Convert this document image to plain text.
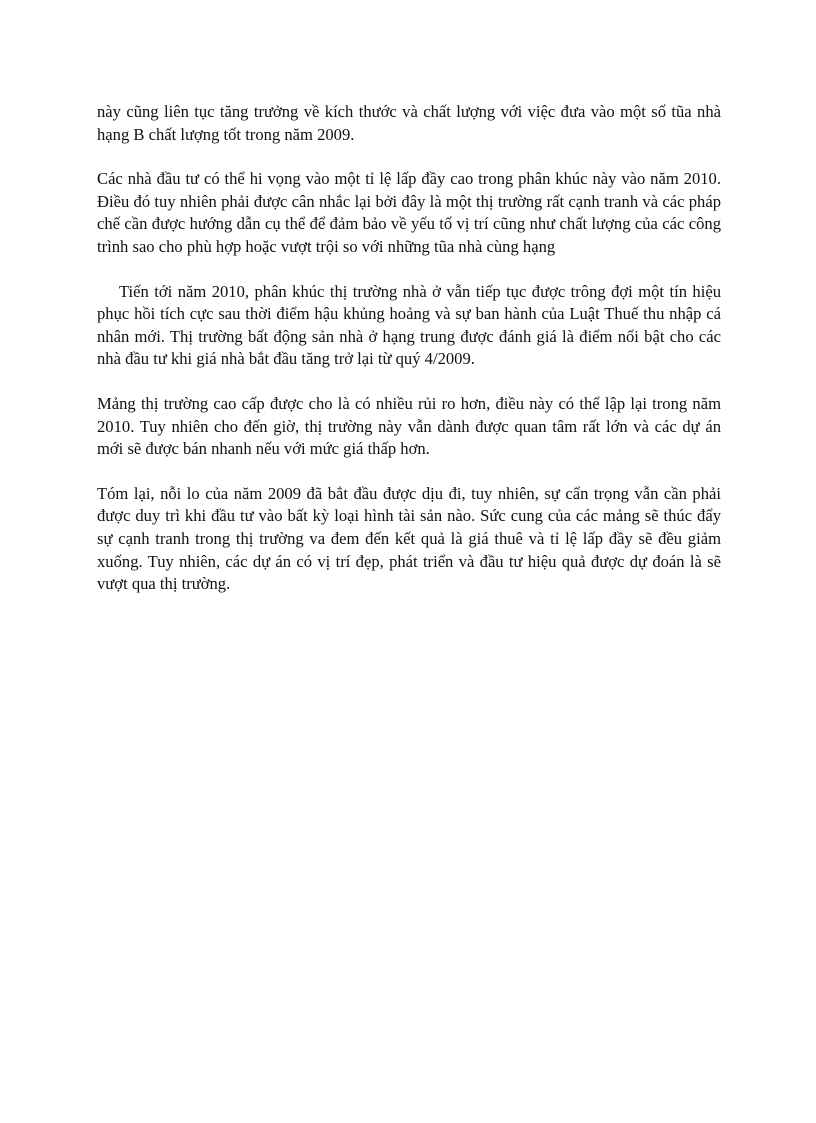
này cũng liên tục tăng trưởng về kích thước và chất lượng với việc đưa vào một số tũa nhà hạng B chất lượng tốt trong năm 2009.

Các nhà đầu tư có thể hi vọng vào một tỉ lệ lấp đầy cao trong phân khúc này vào năm 2010. Điều đó tuy nhiên phải được cân nhắc lại bởi đây là một thị trường rất cạnh tranh và các pháp chế cần được hướng dẫn cụ thể để đảm bảo về yếu tố vị trí cũng như chất lượng của các công trình sao cho phù hợp hoặc vượt trội so với những tũa nhà cùng hạng

Tiến tới năm 2010, phân khúc thị trường nhà ở vẫn tiếp tục được trông đợi một tín hiệu phục hồi tích cực sau thời điểm hậu khủng hoảng và sự ban hành của Luật Thuế thu nhập cá nhân mới. Thị trường bất động sản nhà ở hạng trung được đánh giá là điểm nổi bật cho các nhà đầu tư khi giá nhà bắt đầu tăng trở lại từ quý 4/2009.

Mảng thị trường cao cấp được cho là có nhiều rủi ro hơn, điều này có thể lập lại trong năm 2010. Tuy nhiên cho đến giờ, thị trường này vẫn dành được quan tâm rất lớn và các dự án mới sẽ được bán nhanh nếu với mức giá thấp hơn.

Tóm lại, nỗi lo của năm 2009 đã bắt đầu được dịu đi, tuy nhiên, sự cẩn trọng vẫn cần phải được duy trì khi đầu tư vào bất kỳ loại hình tài sản nào. Sức cung của các mảng sẽ thúc đẩy sự cạnh tranh trong thị trường va đem đến kết quả là giá thuê và tỉ lệ lấp đầy sẽ đều giảm xuống. Tuy nhiên, các dự án có vị trí đẹp, phát triển và đầu tư hiệu quả được dự đoán là sẽ vượt qua thị trường.
